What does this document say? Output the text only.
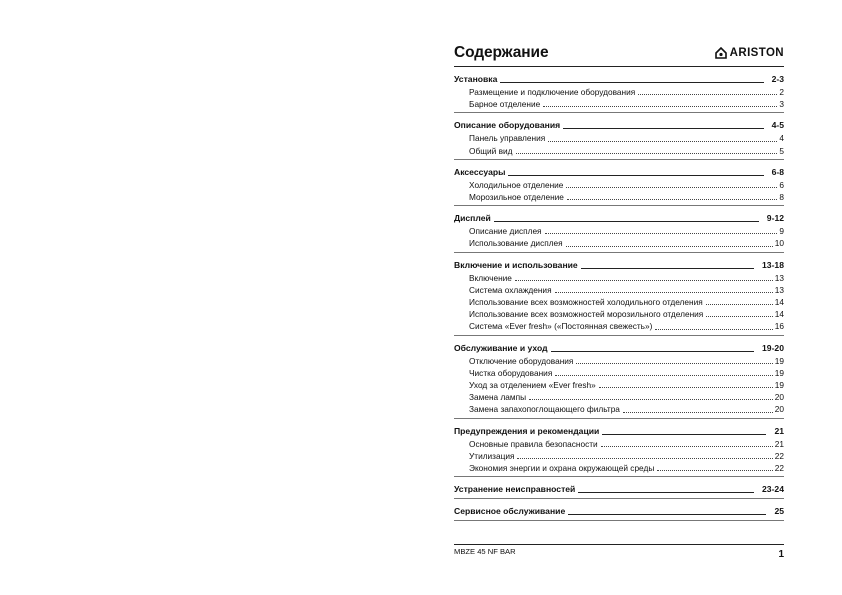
Содержание	ARISTON
Установка	2-3
Размещение и подключение оборудования	2
Барное отделение	3
Описание оборудования	4-5
Панель управления	4
Общий вид	5
Аксессуары	6-8
Холодильное отделение	6
Морозильное отделение	8
Дисплей	9-12
Описание дисплея	9
Использование дисплея	10
Включение и использование	13-18
Включение	13
Система охлаждения	13
Использование всех возможностей холодильного отделения	14
Использование всех возможностей морозильного отделения	14
Система «Ever fresh» («Постоянная свежесть»)	16
Обслуживание и уход	19-20
Отключение оборудования	19
Чистка оборудования	19
Уход за отделением «Ever fresh»	19
Замена лампы	20
Замена запахопоглощающего фильтра	20
Предупреждения и рекомендации	21
Основные правила безопасности	21
Утилизация	22
Экономия энергии и охрана окружающей среды	22
Устранение неисправностей	23-24
Сервисное обслуживание	25
MBZE 45 NF BAR	1
